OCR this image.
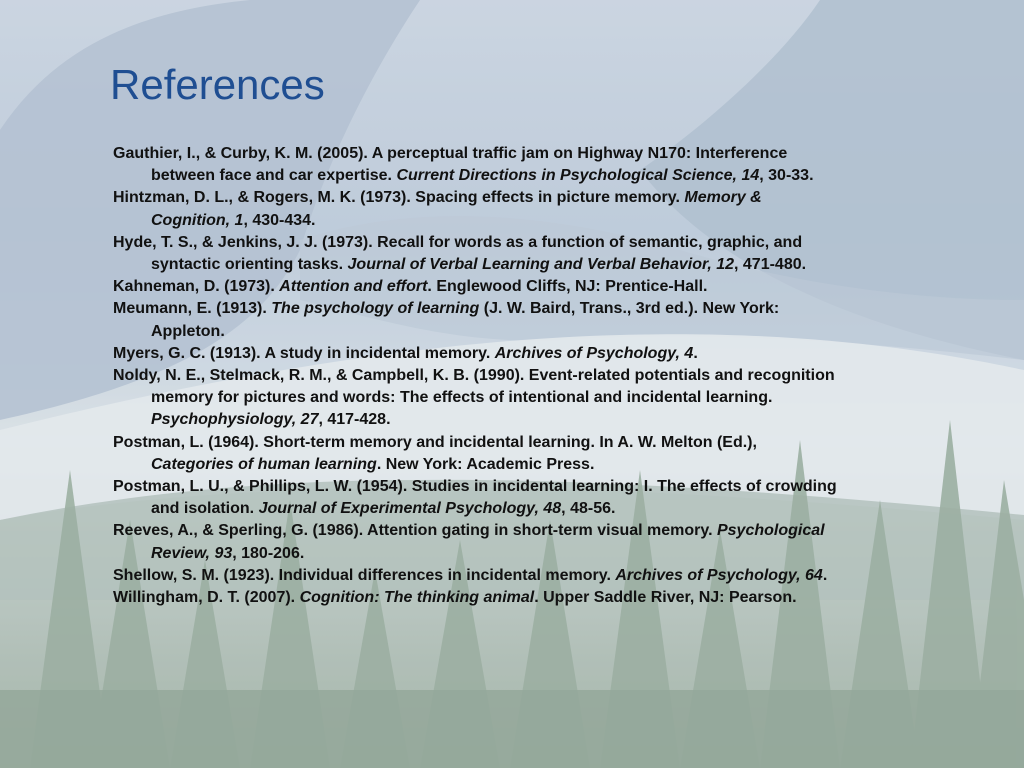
References
Gauthier, I., & Curby, K. M. (2005). A perceptual traffic jam on Highway N170: Interference
between face and car expertise. Current Directions in Psychological Science, 14, 30-33.
Hintzman, D. L., & Rogers, M. K. (1973). Spacing effects in picture memory. Memory &
Cognition, 1, 430-434.
Hyde, T. S., & Jenkins, J. J. (1973). Recall for words as a function of semantic, graphic, and
syntactic orienting tasks. Journal of Verbal Learning and Verbal Behavior, 12, 471-480.
Kahneman, D. (1973). Attention and effort. Englewood Cliffs, NJ: Prentice-Hall.
Meumann, E. (1913). The psychology of learning (J. W. Baird, Trans., 3rd ed.). New York:
Appleton.
Myers, G. C. (1913). A study in incidental memory. Archives of Psychology, 4.
Noldy, N. E., Stelmack, R. M., & Campbell, K. B. (1990). Event-related potentials and recognition
memory for pictures and words: The effects of intentional and incidental learning.
Psychophysiology, 27, 417-428.
Postman, L. (1964). Short-term memory and incidental learning. In A. W. Melton (Ed.),
Categories of human learning. New York: Academic Press.
Postman, L. U., & Phillips, L. W. (1954). Studies in incidental learning: I. The effects of crowding
and isolation. Journal of Experimental Psychology, 48, 48-56.
Reeves, A., & Sperling, G. (1986). Attention gating in short-term visual memory. Psychological
Review, 93, 180-206.
Shellow, S. M. (1923). Individual differences in incidental memory. Archives of Psychology, 64.
Willingham, D. T. (2007). Cognition: The thinking animal. Upper Saddle River, NJ: Pearson.
